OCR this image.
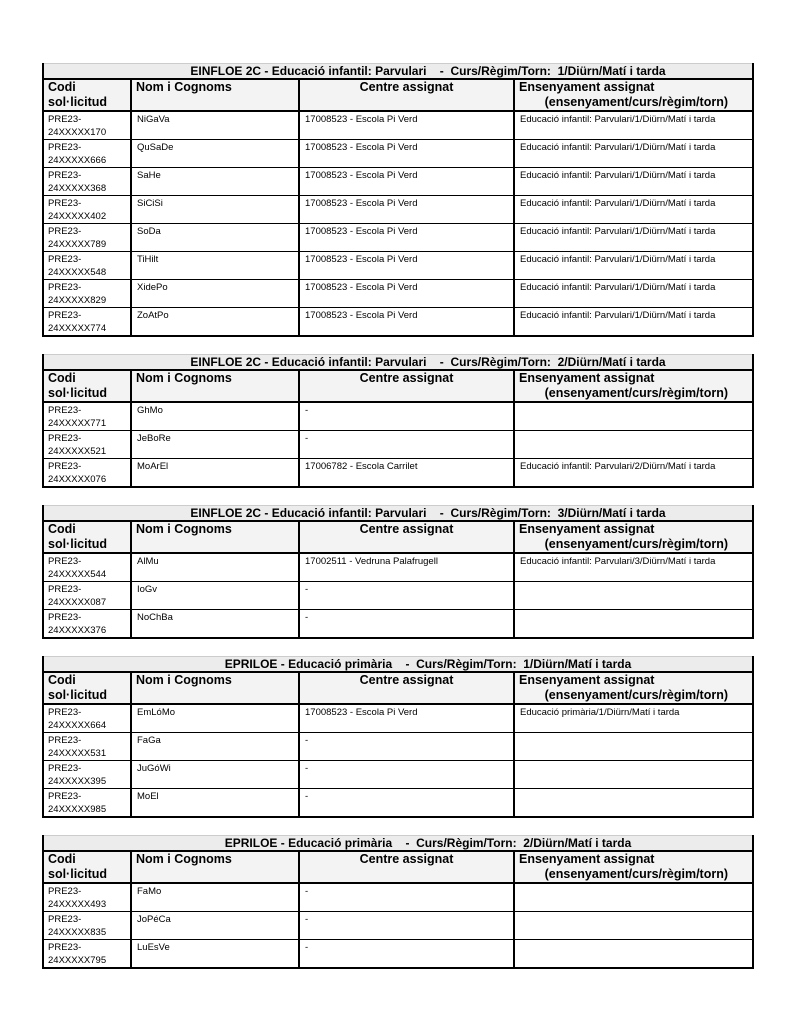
EINFLOE 2C - Educació infantil: Parvulari    -  Curs/Règim/Torn:  1/Diürn/Matí i tarda			
Codi
sol·licitud	Nom i Cognoms	Centre assignat	Ensenyament assignat
(ensenyament/curs/règim/torn)

PRE23-
24XXXXX170	NiGaVa	17008523 - Escola Pi Verd	Educació infantil: Parvulari/1/Diürn/Matí i tarda

PRE23-
24XXXXX666	QuSaDe	17008523 - Escola Pi Verd	Educació infantil: Parvulari/1/Diürn/Matí i tarda

PRE23-
24XXXXX368	SaHe	17008523 - Escola Pi Verd	Educació infantil: Parvulari/1/Diürn/Matí i tarda

PRE23-
24XXXXX402	SiCiSi	17008523 - Escola Pi Verd	Educació infantil: Parvulari/1/Diürn/Matí i tarda

PRE23-
24XXXXX789	SoDa	17008523 - Escola Pi Verd	Educació infantil: Parvulari/1/Diürn/Matí i tarda

PRE23-
24XXXXX548	TiHilt	17008523 - Escola Pi Verd	Educació infantil: Parvulari/1/Diürn/Matí i tarda

PRE23-
24XXXXX829	XidePo	17008523 - Escola Pi Verd	Educació infantil: Parvulari/1/Diürn/Matí i tarda

PRE23-
24XXXXX774	ZoAtPo	17008523 - Escola Pi Verd	Educació infantil: Parvulari/1/Diürn/Matí i tarda
EINFLOE 2C - Educació infantil: Parvulari    -  Curs/Règim/Torn:  2/Diürn/Matí i tarda			
Codi
sol·licitud	Nom i Cognoms	Centre assignat	Ensenyament assignat
(ensenyament/curs/règim/torn)

PRE23-
24XXXXX771	GhMo	-	

PRE23-
24XXXXX521	JeBoRe	-	

PRE23-
24XXXXX076	MoArEl	17006782 - Escola Carrilet	Educació infantil: Parvulari/2/Diürn/Matí i tarda
EINFLOE 2C - Educació infantil: Parvulari    -  Curs/Règim/Torn:  3/Diürn/Matí i tarda			
Codi
sol·licitud	Nom i Cognoms	Centre assignat	Ensenyament assignat
(ensenyament/curs/règim/torn)

PRE23-
24XXXXX544	AlMu	17002511 - Vedruna Palafrugell	Educació infantil: Parvulari/3/Diürn/Matí i tarda

PRE23-
24XXXXX087	IoGv	-	

PRE23-
24XXXXX376	NoChBa	-	
EPRILOE - Educació primària    -  Curs/Règim/Torn:  1/Diürn/Matí i tarda			
Codi
sol·licitud	Nom i Cognoms	Centre assignat	Ensenyament assignat
(ensenyament/curs/règim/torn)

PRE23-
24XXXXX664	EmLóMo	17008523 - Escola Pi Verd	Educació primària/1/Diürn/Matí i tarda

PRE23-
24XXXXX531	FaGa	-	

PRE23-
24XXXXX395	JuGóWi	-	

PRE23-
24XXXXX985	MoEl	-	
EPRILOE - Educació primària    -  Curs/Règim/Torn:  2/Diürn/Matí i tarda			
Codi
sol·licitud	Nom i Cognoms	Centre assignat	Ensenyament assignat
(ensenyament/curs/règim/torn)

PRE23-
24XXXXX493	FaMo	-	

PRE23-
24XXXXX835	JoPéCa	-	

PRE23-
24XXXXX795	LuEsVe	-	
